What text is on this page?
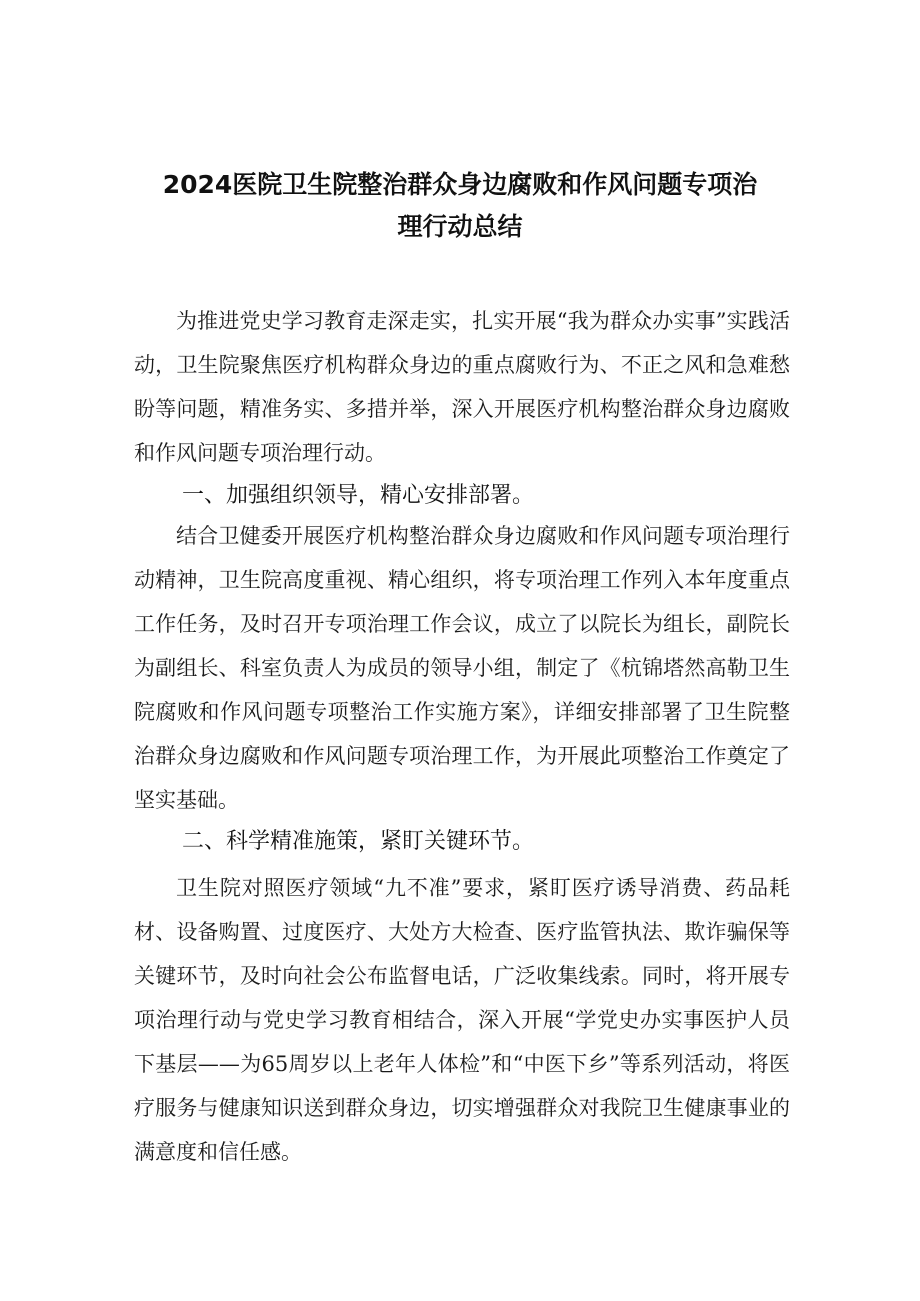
2024医院卫生院整治群众身边腐败和作风问题专项治
理行动总结
为推进党史学习教育走深走实，扎实开展“我为群众办实事”实践活动，卫生院聚焦医疗机构群众身边的重点腐败行为、不正之风和急难愁盼等问题，精准务实、多措并举，深入开展医疗机构整治群众身边腐败和作风问题专项治理行动。
一、加强组织领导，精心安排部署。
结合卫健委开展医疗机构整治群众身边腐败和作风问题专项治理行动精神，卫生院高度重视、精心组织，将专项治理工作列入本年度重点工作任务，及时召开专项治理工作会议，成立了以院长为组长，副院长为副组长、科室负责人为成员的领导小组，制定了《杭锦塔然高勒卫生院腐败和作风问题专项整治工作实施方案》，详细安排部署了卫生院整治群众身边腐败和作风问题专项治理工作，为开展此项整治工作奠定了坚实基础。
二、科学精准施策，紧盯关键环节。
卫生院对照医疗领域“九不准”要求，紧盯医疗诱导消费、药品耗材、设备购置、过度医疗、大处方大检查、医疗监管执法、欺诈骗保等关键环节，及时向社会公布监督电话，广泛收集线索。同时，将开展专项治理行动与党史学习教育相结合，深入开展“学党史办实事医护人员下基层——为65周岁以上老年人体检”和“中医下乡”等系列活动，将医疗服务与健康知识送到群众身边，切实增强群众对我院卫生健康事业的满意度和信任感。
